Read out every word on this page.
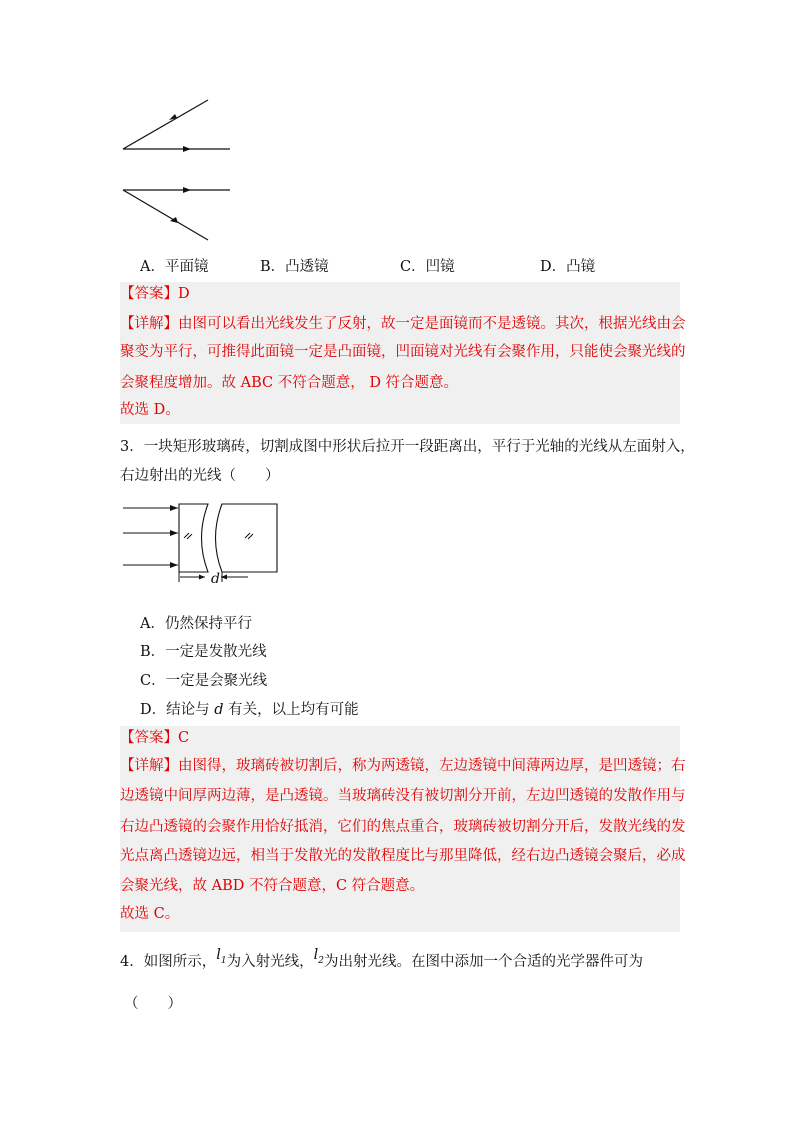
A．平面镜	B．凸透镜	C．凹镜	D．凸镜
【答案】D
【详解】由图可以看出光线发生了反射，故一定是面镜而不是透镜。其次，根据光线由会
聚变为平行，可推得此面镜一定是凸面镜，凹面镜对光线有会聚作用，只能使会聚光线的
会聚程度增加。故 ABC 不符合题意， D 符合题意。
故选 D。
3．一块矩形玻璃砖，切割成图中形状后拉开一段距离出，平行于光轴的光线从左面射入，
右边射出的光线（　　）
d
A．仍然保持平行
B．一定是发散光线
C．一定是会聚光线
D．结论与 d 有关，以上均有可能
【答案】C
【详解】由图得，玻璃砖被切割后，称为两透镜，左边透镜中间薄两边厚，是凹透镜；右
边透镜中间厚两边薄，是凸透镜。当玻璃砖没有被切割分开前，左边凹透镜的发散作用与
右边凸透镜的会聚作用恰好抵消，它们的焦点重合，玻璃砖被切割分开后，发散光线的发
光点离凸透镜边远，相当于发散光的发散程度比与那里降低，经右边凸透镜会聚后，必成
会聚光线，故 ABD 不符合题意，C 符合题意。
故选 C。
4．如图所示，$l_1$为入射光线，$l_2$为出射光线。在图中添加一个合适的光学器件可为
（　　）
